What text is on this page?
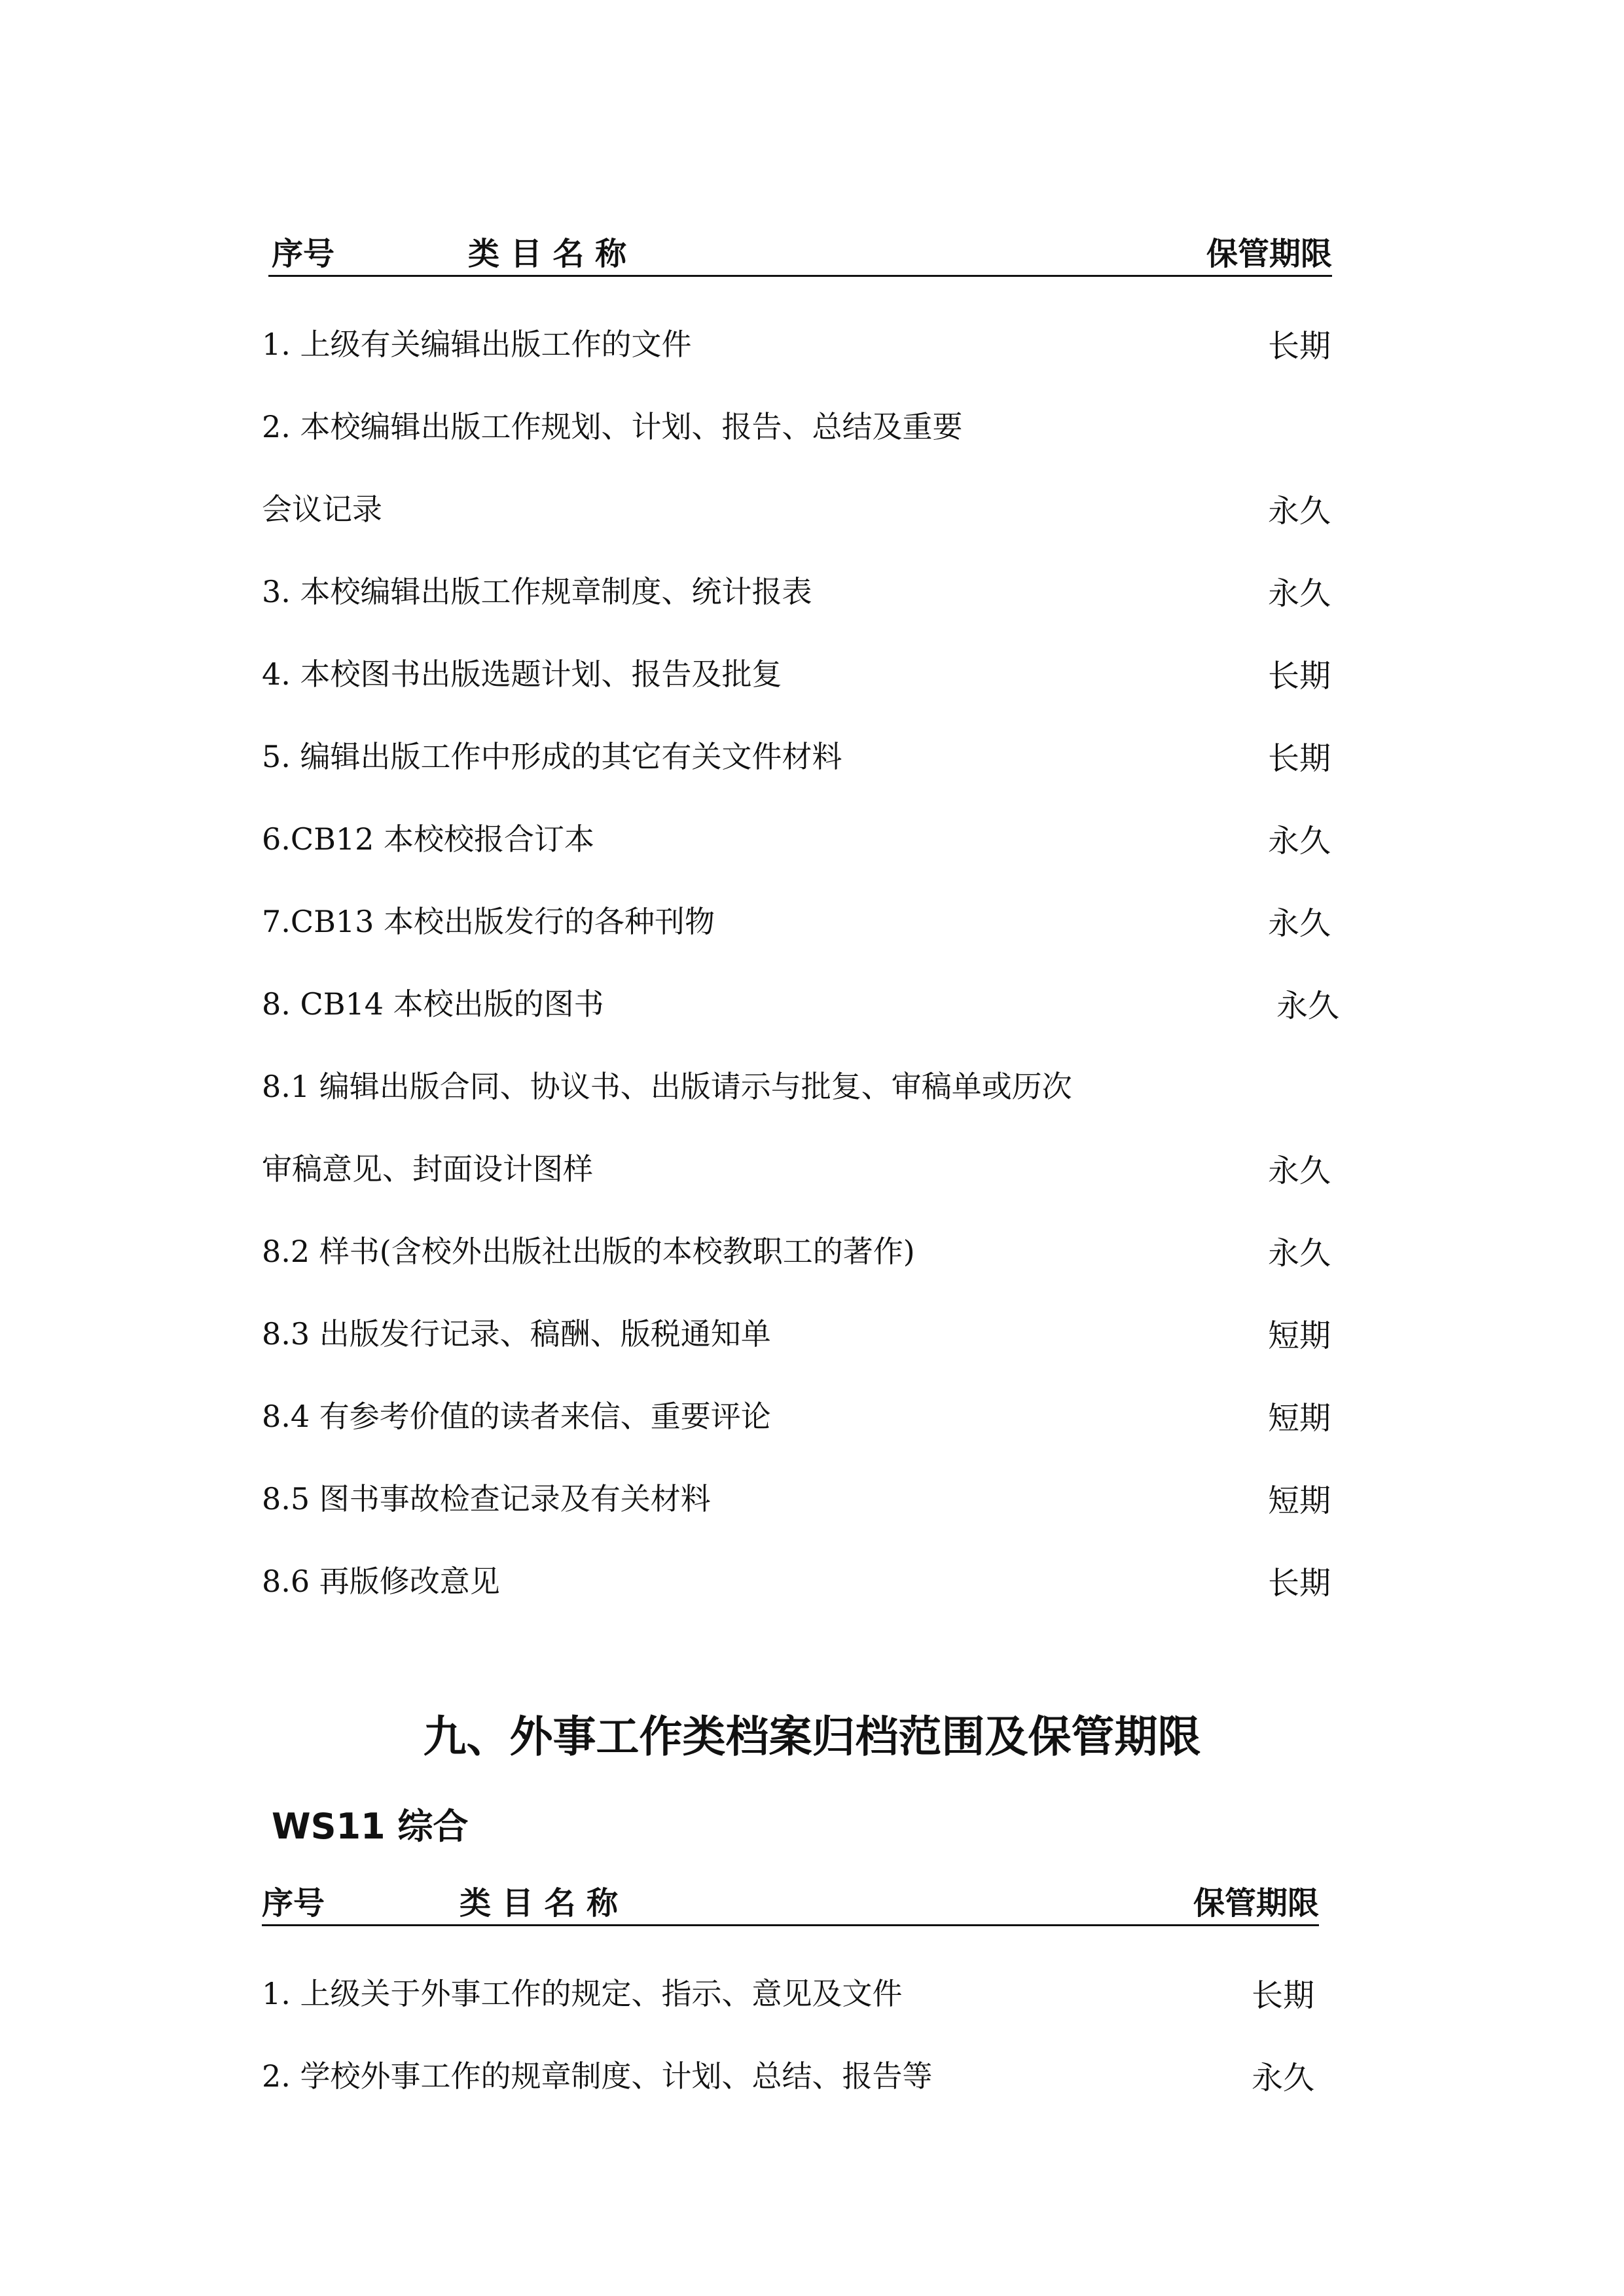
序号	类 目 名 称	保管期限
1. 上级有关编辑出版工作的文件	长期
2. 本校编辑出版工作规划、计划、报告、总结及重要
会议记录	永久
3. 本校编辑出版工作规章制度、统计报表	永久
4. 本校图书出版选题计划、报告及批复	长期
5. 编辑出版工作中形成的其它有关文件材料	长期
6.CB12 本校校报合订本	永久
7.CB13 本校出版发行的各种刊物	永久
8. CB14 本校出版的图书	永久
8.1 编辑出版合同、协议书、出版请示与批复、审稿单或历次
审稿意见、封面设计图样	永久
8.2 样书(含校外出版社出版的本校教职工的著作)	永久
8.3 出版发行记录、稿酬、版税通知单	短期
8.4 有参考价值的读者来信、重要评论	短期
8.5 图书事故检查记录及有关材料	短期
8.6 再版修改意见	长期
九、外事工作类档案归档范围及保管期限
WS11 综合
序号	类 目 名 称	保管期限
1. 上级关于外事工作的规定、指示、意见及文件	长期
2. 学校外事工作的规章制度、计划、总结、报告等	永久
